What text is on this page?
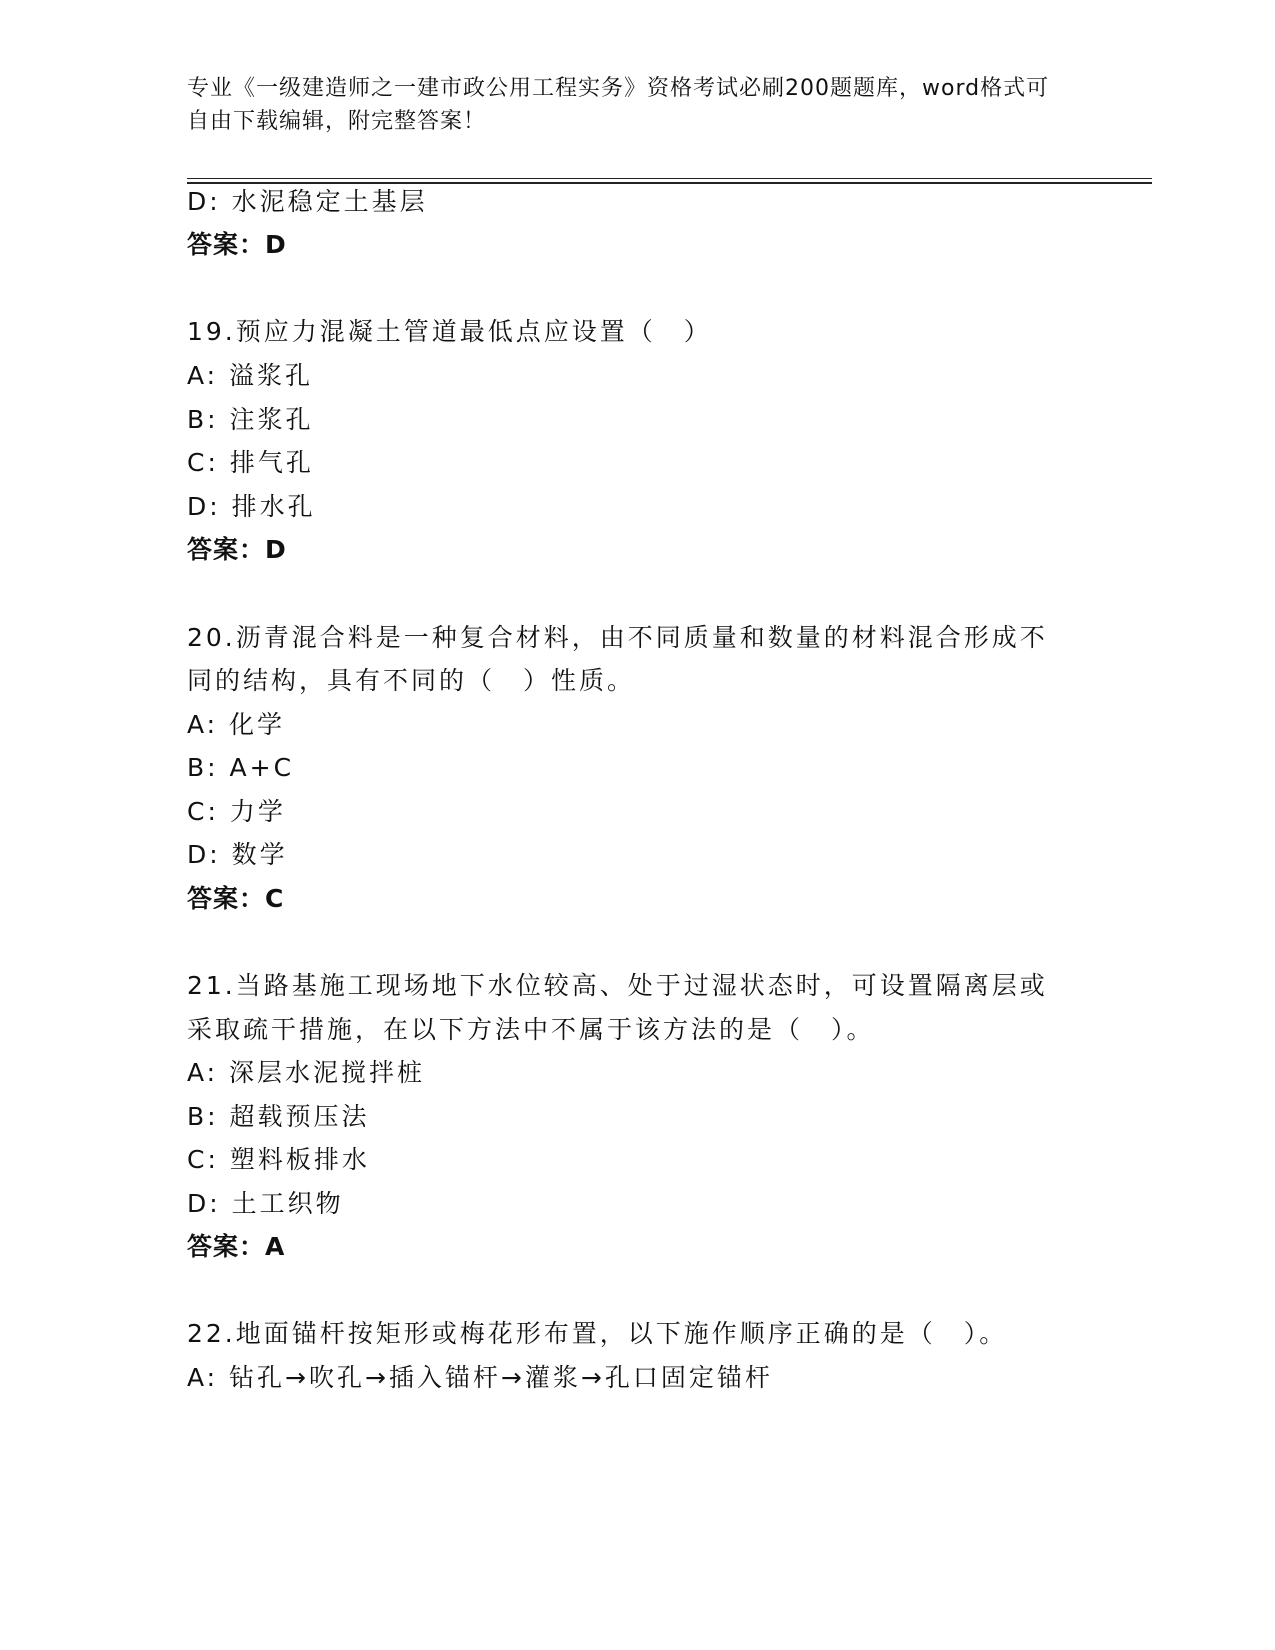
专业《一级建造师之一建市政公用工程实务》资格考试必刷200题题库，word格式可自由下载编辑，附完整答案！
D: 水泥稳定土基层
答案：D
19.预应力混凝土管道最低点应设置（　）
A: 溢浆孔
B: 注浆孔
C: 排气孔
D: 排水孔
答案：D
20.沥青混合料是一种复合材料，由不同质量和数量的材料混合形成不
同的结构，具有不同的（　）性质。
A: 化学
B: A+C
C: 力学
D: 数学
答案：C
21.当路基施工现场地下水位较高、处于过湿状态时，可设置隔离层或
采取疏干措施，在以下方法中不属于该方法的是（　）。
A: 深层水泥搅拌桩
B: 超载预压法
C: 塑料板排水
D: 土工织物
答案：A
22.地面锚杆按矩形或梅花形布置，以下施作顺序正确的是（　）。
A: 钻孔→吹孔→插入锚杆→灌浆→孔口固定锚杆
